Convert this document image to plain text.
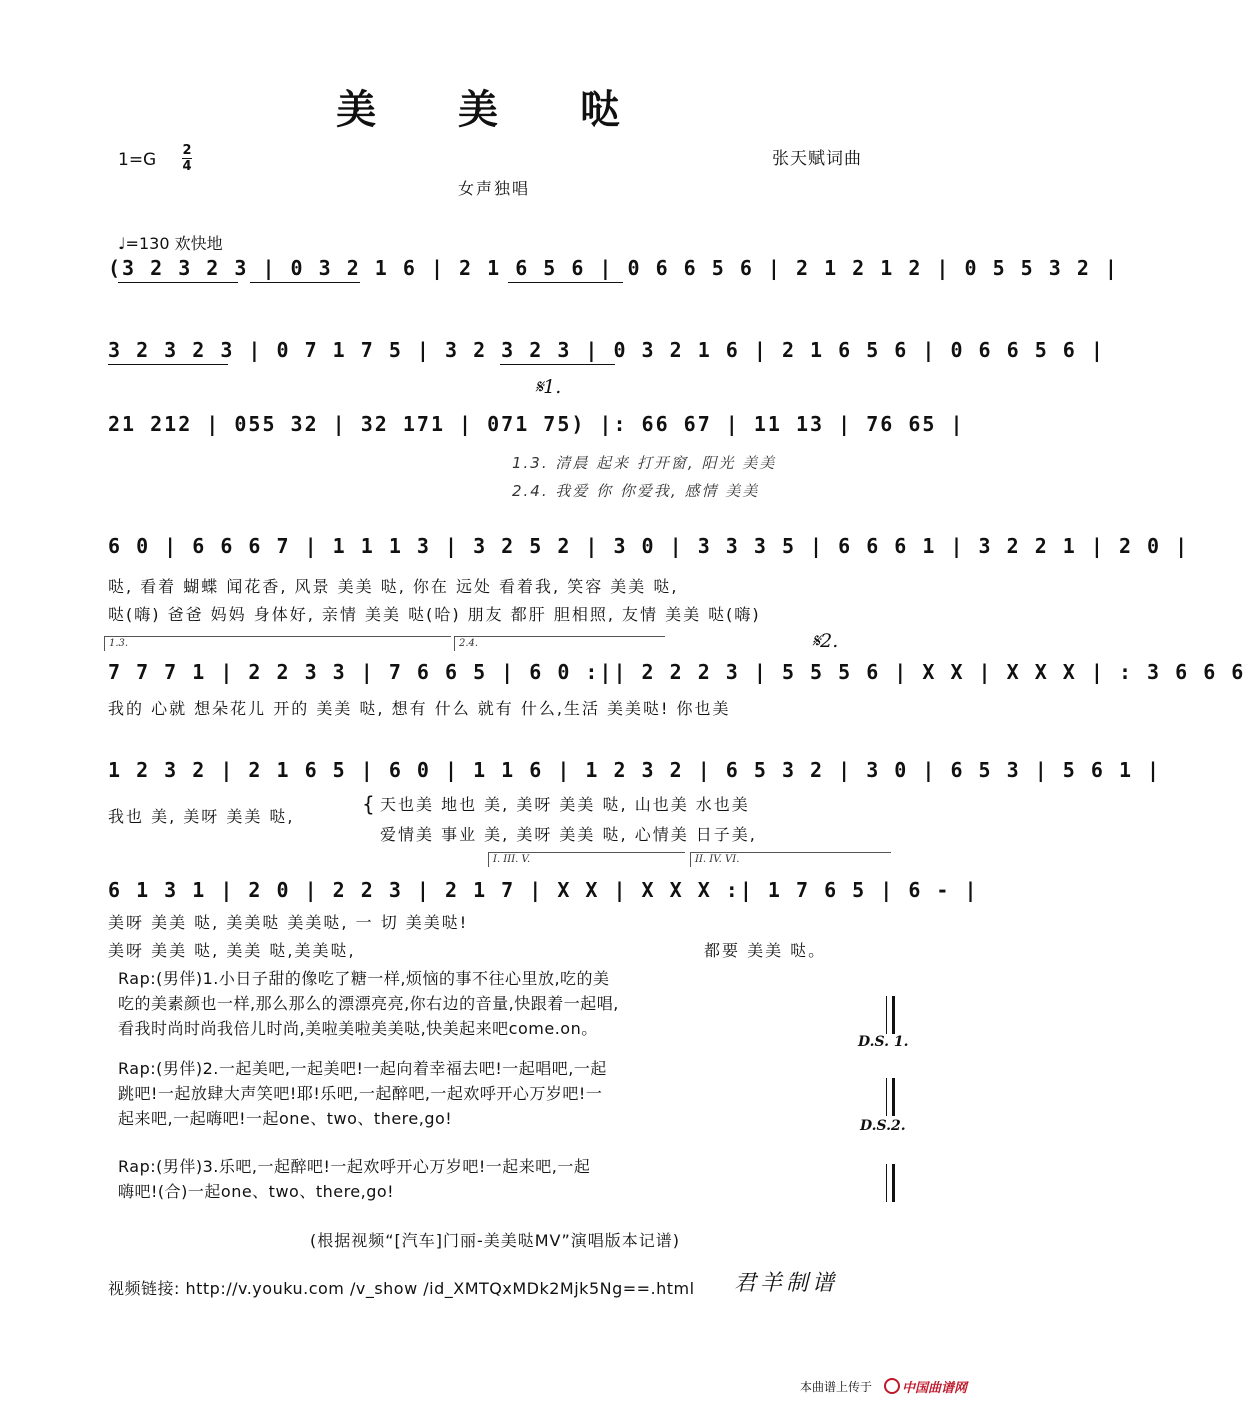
美 美 哒
1=G 2
4	张天赋词曲
女声独唱
♩=130 欢快地
(3 2 3 2 3 | 0 3 2 1 6 | 2 1 6 5 6 | 0 6 6 5 6 | 2 1 2 1 2 | 0 5 5 3 2 |
3 2 3 2 3 | 0 7 1 7 5 | 3 2 3 2 3 | 0 3 2 1 6 | 2 1 6 5 6 | 0 6 6 5 6 |
𝄋1.
21 212 | 055 32 | 32 171 | 071 75) |: 66 67 | 11 13 | 76 65 |
1.3. 清晨 起来 打开窗, 阳光 美美
2.4. 我爱 你 你爱我, 感情 美美
6 0 | 6 6 6 7 | 1 1 1 3 | 3 2 5 2 | 3 0 | 3 3 3 5 | 6 6 6 1 | 3 2 2 1 | 2 0 |
哒, 看着 蝴蝶 闻花香, 风景 美美 哒, 你在 远处 看着我, 笑容 美美 哒,
哒(嗨) 爸爸 妈妈 身体好, 亲情 美美 哒(哈) 朋友 都肝 胆相照, 友情 美美 哒(嗨)
1.3.	2.4.	𝄋2.
7 7 7 1 | 2 2 3 3 | 7 6 6 5 | 6 0 :|| 2 2 2 3 | 5 5 5 6 | X X | X X X | : 3 6 6 6
我的 心就 想朵花儿 开的 美美 哒, 想有 什么 就有 什么,生活 美美哒! 你也美
1 2 3 2 | 2 1 6 5 | 6 0 | 1 1 6 | 1 2 3 2 | 6 5 3 2 | 3 0 | 6 5 3 | 5 6 1 |
我也 美, 美呀 美美 哒,
{ 天也美 地也 美, 美呀 美美 哒, 山也美 水也美
爱情美 事业 美, 美呀 美美 哒, 心情美 日子美,
I. III. V.	II. IV. VI.
6 1 3 1 | 2 0 | 2 2 3 | 2 1 7 | X X | X X X :| 1 7 6 5 | 6 - |
美呀 美美 哒, 美美哒 美美哒, 一 切 美美哒!
美呀 美美 哒, 美美 哒,美美哒,	都要 美美 哒。
Rap:(男伴)1.小日子甜的像吃了糖一样,烦恼的事不往心里放,吃的美
吃的美素颜也一样,那么那么的漂漂亮亮,你右边的音量,快跟着一起唱,
看我时尚时尚我倍儿时尚,美啦美啦美美哒,快美起来吧come.on。
D.S. 1.
Rap:(男伴)2.一起美吧,一起美吧!一起向着幸福去吧!一起唱吧,一起
跳吧!一起放肆大声笑吧!耶!乐吧,一起醉吧,一起欢呼开心万岁吧!一
起来吧,一起嗨吧!一起one、two、there,go!	D.S.2.
Rap:(男伴)3.乐吧,一起醉吧!一起欢呼开心万岁吧!一起来吧,一起
嗨吧!(合)一起one、two、there,go!
(根据视频“[汽车]门丽-美美哒MV”演唱版本记谱)
视频链接: http://v.youku.com /v_show /id_XMTQxMDk2Mjk5Ng==.html 君羊制谱
本曲谱上传于 中国曲谱网
